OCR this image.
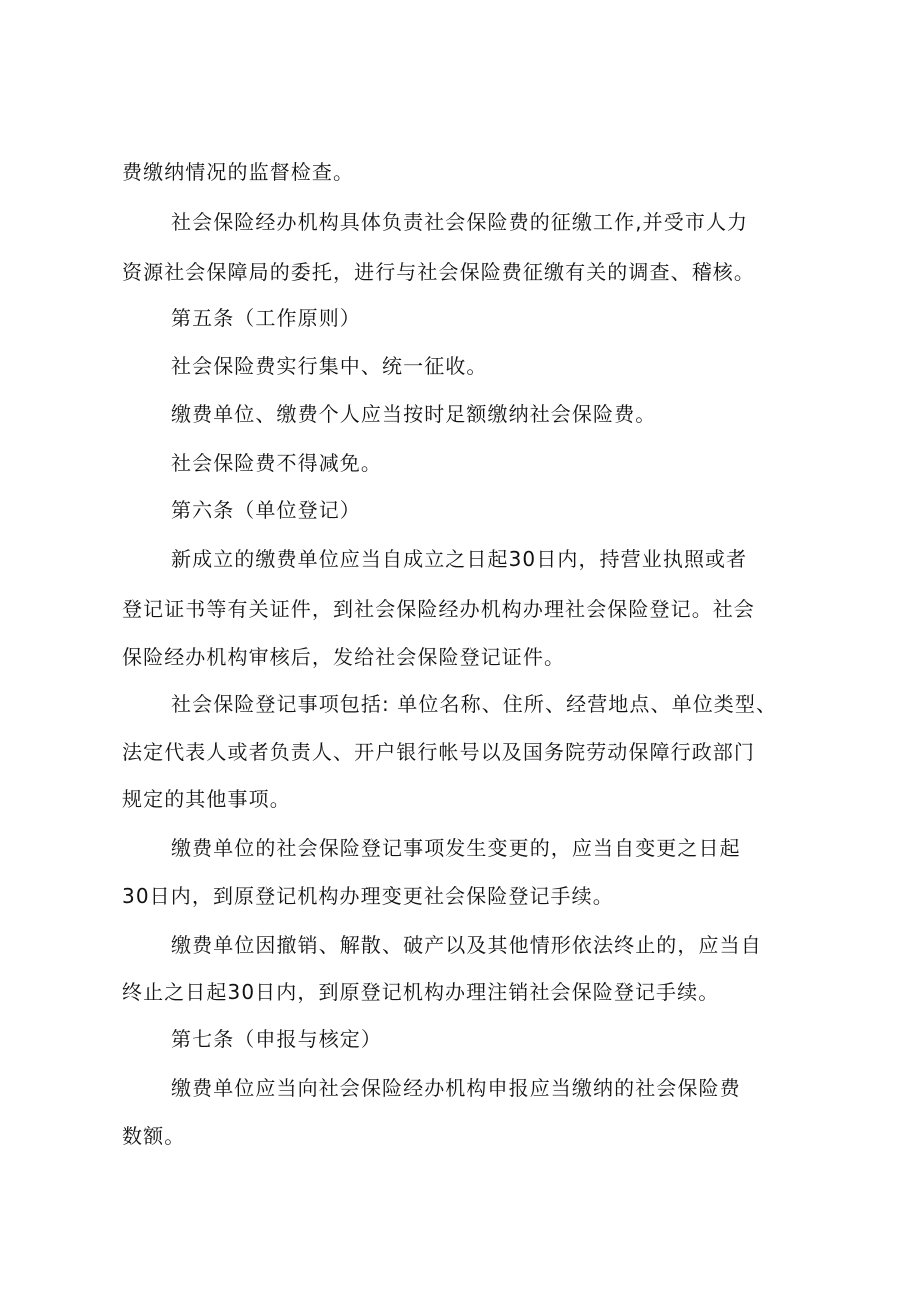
费缴纳情况的监督检查。
社会保险经办机构具体负责社会保险费的征缴工作,并受市人力
资源社会保障局的委托，进行与社会保险费征缴有关的调查、稽核。
第五条（工作原则）
社会保险费实行集中、统一征收。
缴费单位、缴费个人应当按时足额缴纳社会保险费。
社会保险费不得减免。
第六条（单位登记）
新成立的缴费单位应当自成立之日起30日内，持营业执照或者
登记证书等有关证件，到社会保险经办机构办理社会保险登记。社会
保险经办机构审核后，发给社会保险登记证件。
社会保险登记事项包括: 单位名称、住所、经营地点、单位类型、
法定代表人或者负责人、开户银行帐号以及国务院劳动保障行政部门
规定的其他事项。
缴费单位的社会保险登记事项发生变更的，应当自变更之日起
30日内，到原登记机构办理变更社会保险登记手续。
缴费单位因撤销、解散、破产以及其他情形依法终止的，应当自
终止之日起30日内，到原登记机构办理注销社会保险登记手续。
第七条（申报与核定）
缴费单位应当向社会保险经办机构申报应当缴纳的社会保险费
数额。
